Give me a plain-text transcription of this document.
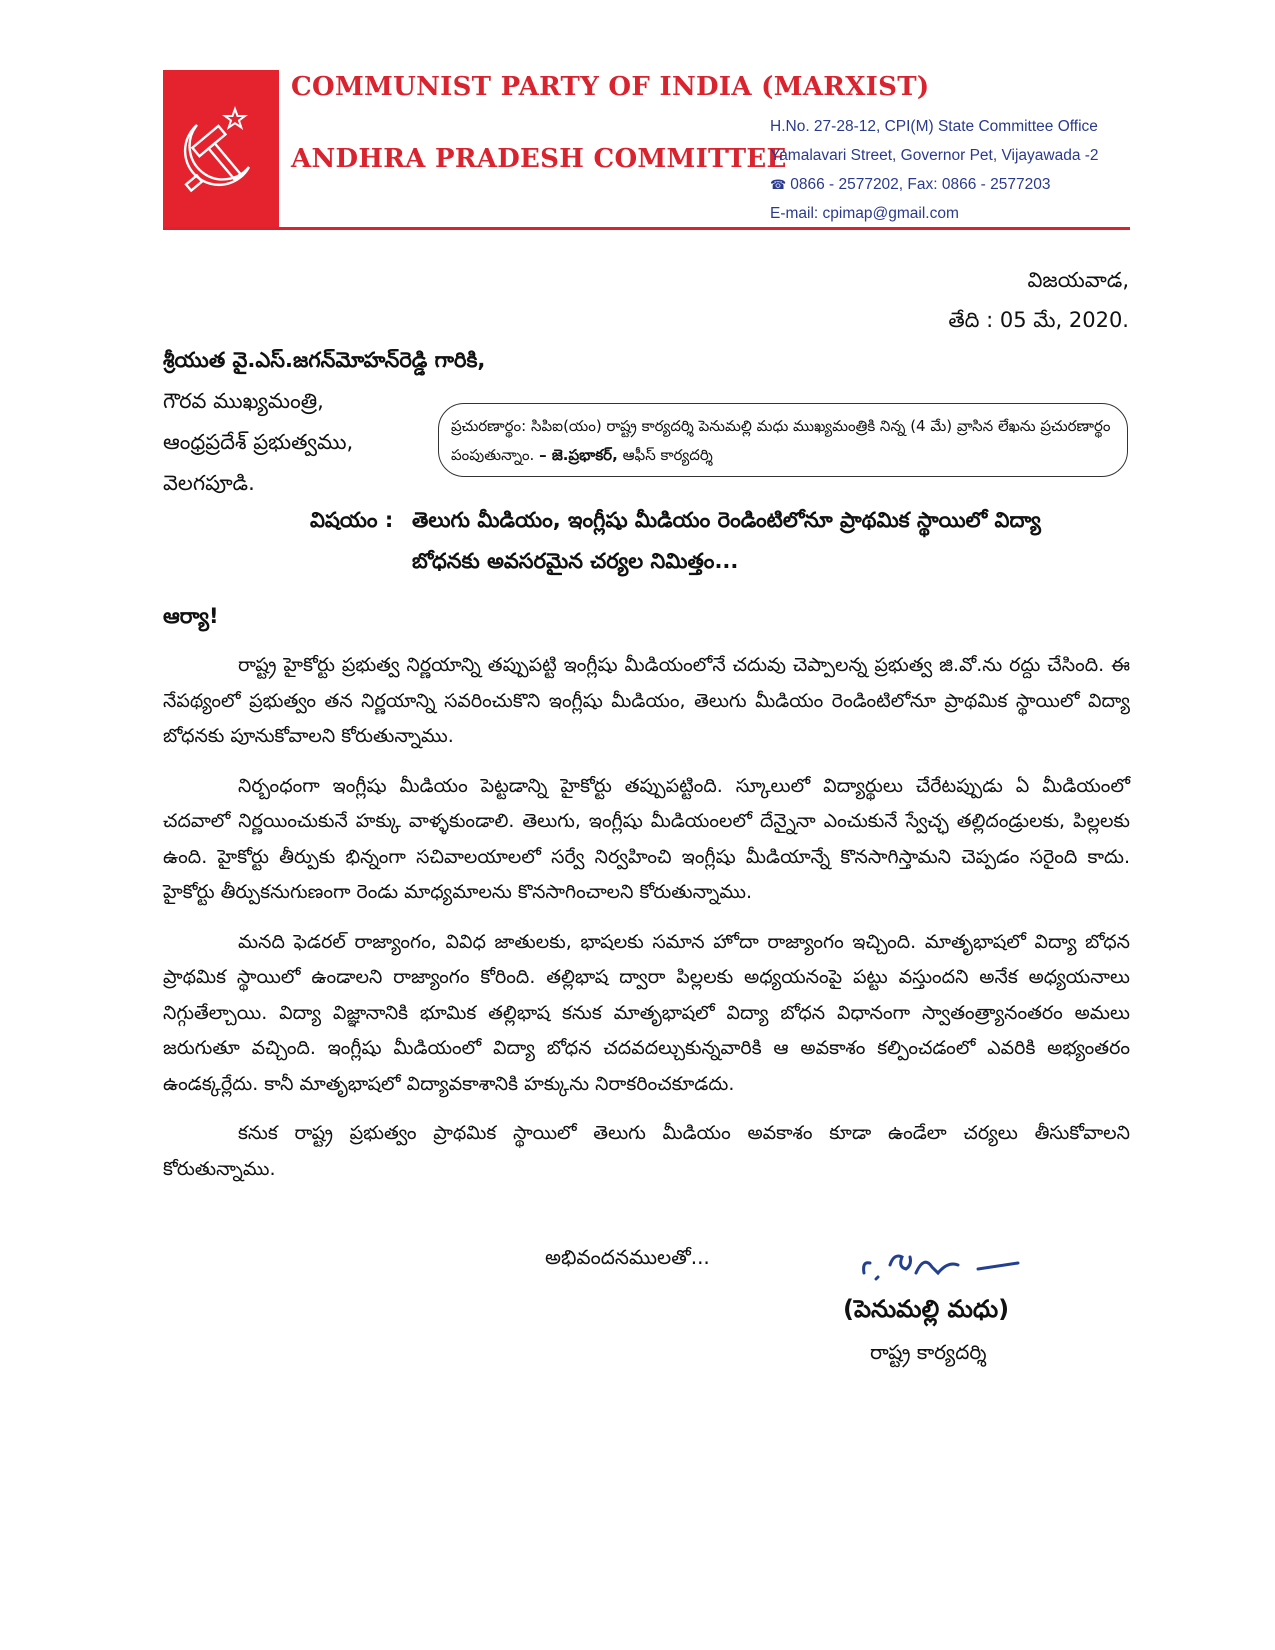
COMMUNIST PARTY OF INDIA (MARXIST)
ANDHRA PRADESH COMMITTEE
H.No. 27-28-12, CPI(M) State Committee Office
Yamalavari Street, Governor Pet, Vijayawada -2
☎ 0866 - 2577202, Fax: 0866 - 2577203
E-mail: cpimap@gmail.com
విజయవాడ,
తేది : 05 మే, 2020.
శ్రీయుత వై.ఎస్.జగన్‌మోహన్‌రెడ్డి గారికి,
గౌరవ ముఖ్యమంత్రి,
ఆంధ్రప్రదేశ్ ప్రభుత్వము,
వెలగపూడి.
ప్రచురణార్థం: సిపిఐ(యం) రాష్ట్ర కార్యదర్శి పెనుమల్లి మధు ముఖ్యమంత్రికి నిన్న (4 మే) వ్రాసిన లేఖను ప్రచురణార్థం పంపుతున్నాం. – జె.ప్రభాకర్, ఆఫీస్ కార్యదర్శి
విషయం : తెలుగు మీడియం, ఇంగ్లీషు మీడియం రెండింటిలోనూ ప్రాథమిక స్థాయిలో విద్యా బోధనకు అవసరమైన చర్యల నిమిత్తం...
ఆర్యా!

రాష్ట్ర హైకోర్టు ప్రభుత్వ నిర్ణయాన్ని తప్పుపట్టి ఇంగ్లీషు మీడియంలోనే చదువు చెప్పాలన్న ప్రభుత్వ జి.వో.ను రద్దు చేసింది. ఈ నేపథ్యంలో ప్రభుత్వం తన నిర్ణయాన్ని సవరించుకొని ఇంగ్లీషు మీడియం, తెలుగు మీడియం రెండింటిలోనూ ప్రాథమిక స్థాయిలో విద్యా బోధనకు పూనుకోవాలని కోరుతున్నాము.

నిర్బంధంగా ఇంగ్లీషు మీడియం పెట్టడాన్ని హైకోర్టు తప్పుపట్టింది. స్కూలులో విద్యార్థులు చేరేటప్పుడు ఏ మీడియంలో చదవాలో నిర్ణయించుకునే హక్కు వాళ్ళకుండాలి. తెలుగు, ఇంగ్లీషు మీడియంలలో దేన్నైనా ఎంచుకునే స్వేచ్ఛ తల్లిదండ్రులకు, పిల్లలకు ఉంది. హైకోర్టు తీర్పుకు భిన్నంగా సచివాలయాలలో సర్వే నిర్వహించి ఇంగ్లీషు మీడియాన్నే కొనసాగిస్తామని చెప్పడం సరైంది కాదు. హైకోర్టు తీర్పుకనుగుణంగా రెండు మాధ్యమాలను కొనసాగించాలని కోరుతున్నాము.

మనది ఫెడరల్ రాజ్యాంగం, వివిధ జాతులకు, భాషలకు సమాన హోదా రాజ్యాంగం ఇచ్చింది. మాతృభాషలో విద్యా బోధన ప్రాథమిక స్థాయిలో ఉండాలని రాజ్యాంగం కోరింది. తల్లిభాష ద్వారా పిల్లలకు అధ్యయనంపై పట్టు వస్తుందని అనేక అధ్యయనాలు నిగ్గుతేల్చాయి. విద్యా విజ్ఞానానికి భూమిక తల్లిభాష కనుక మాతృభాషలో విద్యా బోధన విధానంగా స్వాతంత్ర్యానంతరం అమలు జరుగుతూ వచ్చింది. ఇంగ్లీషు మీడియంలో విద్యా బోధన చదవదల్చుకున్నవారికి ఆ అవకాశం కల్పించడంలో ఎవరికి అభ్యంతరం ఉండక్కర్లేదు. కానీ మాతృభాషలో విద్యావకాశానికి హక్కును నిరాకరించకూడదు.

కనుక రాష్ట్ర ప్రభుత్వం ప్రాథమిక స్థాయిలో తెలుగు మీడియం అవకాశం కూడా ఉండేలా చర్యలు తీసుకోవాలని కోరుతున్నాము.

అభివందనములతో...
(పెనుమల్లి మధు)
రాష్ట్ర కార్యదర్శి
